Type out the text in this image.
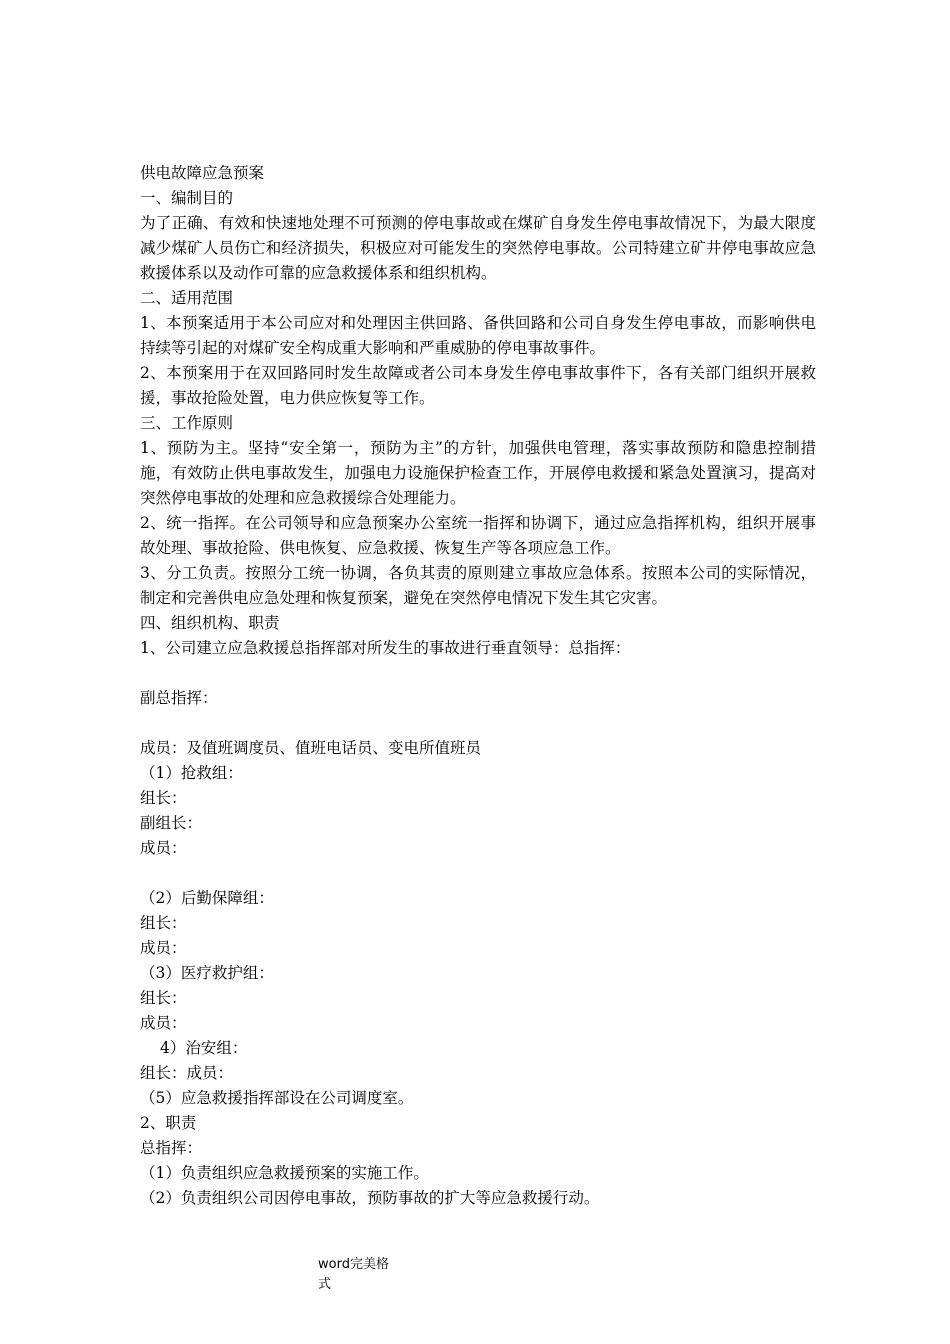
供电故障应急预案

一、编制目的

为了正确、有效和快速地处理不可预测的停电事故或在煤矿自身发生停电事故情况下，为最大限度减少煤矿人员伤亡和经济损失，积极应对可能发生的突然停电事故。公司特建立矿井停电事故应急救援体系以及动作可靠的应急救援体系和组织机构。

二、适用范围

1、本预案适用于本公司应对和处理因主供回路、备供回路和公司自身发生停电事故，而影响供电持续等引起的对煤矿安全构成重大影响和严重威胁的停电事故事件。

2、本预案用于在双回路同时发生故障或者公司本身发生停电事故事件下，各有关部门组织开展救援，事故抢险处置，电力供应恢复等工作。

三、工作原则

1、预防为主。坚持“安全第一，预防为主”的方针，加强供电管理，落实事故预防和隐患控制措施，有效防止供电事故发生，加强电力设施保护检查工作，开展停电救援和紧急处置演习，提高对突然停电事故的处理和应急救援综合处理能力。

2、统一指挥。在公司领导和应急预案办公室统一指挥和协调下，通过应急指挥机构，组织开展事故处理、事故抢险、供电恢复、应急救援、恢复生产等各项应急工作。

3、分工负责。按照分工统一协调，各负其责的原则建立事故应急体系。按照本公司的实际情况，制定和完善供电应急处理和恢复预案，避免在突然停电情况下发生其它灾害。

四、组织机构、职责

1、公司建立应急救援总指挥部对所发生的事故进行垂直领导：总指挥：

副总指挥：

成员：及值班调度员、值班电话员、变电所值班员

（1）抢救组：

组长：

副组长：

成员：

（2）后勤保障组：

组长：

成员：

（3）医疗救护组：

组长：

成员：

4）治安组：

组长：成员：

（5）应急救援指挥部设在公司调度室。

2、职责

总指挥：

（1）负责组织应急救援预案的实施工作。

（2）负责组织公司因停电事故，预防事故的扩大等应急救援行动。

word完美格式
